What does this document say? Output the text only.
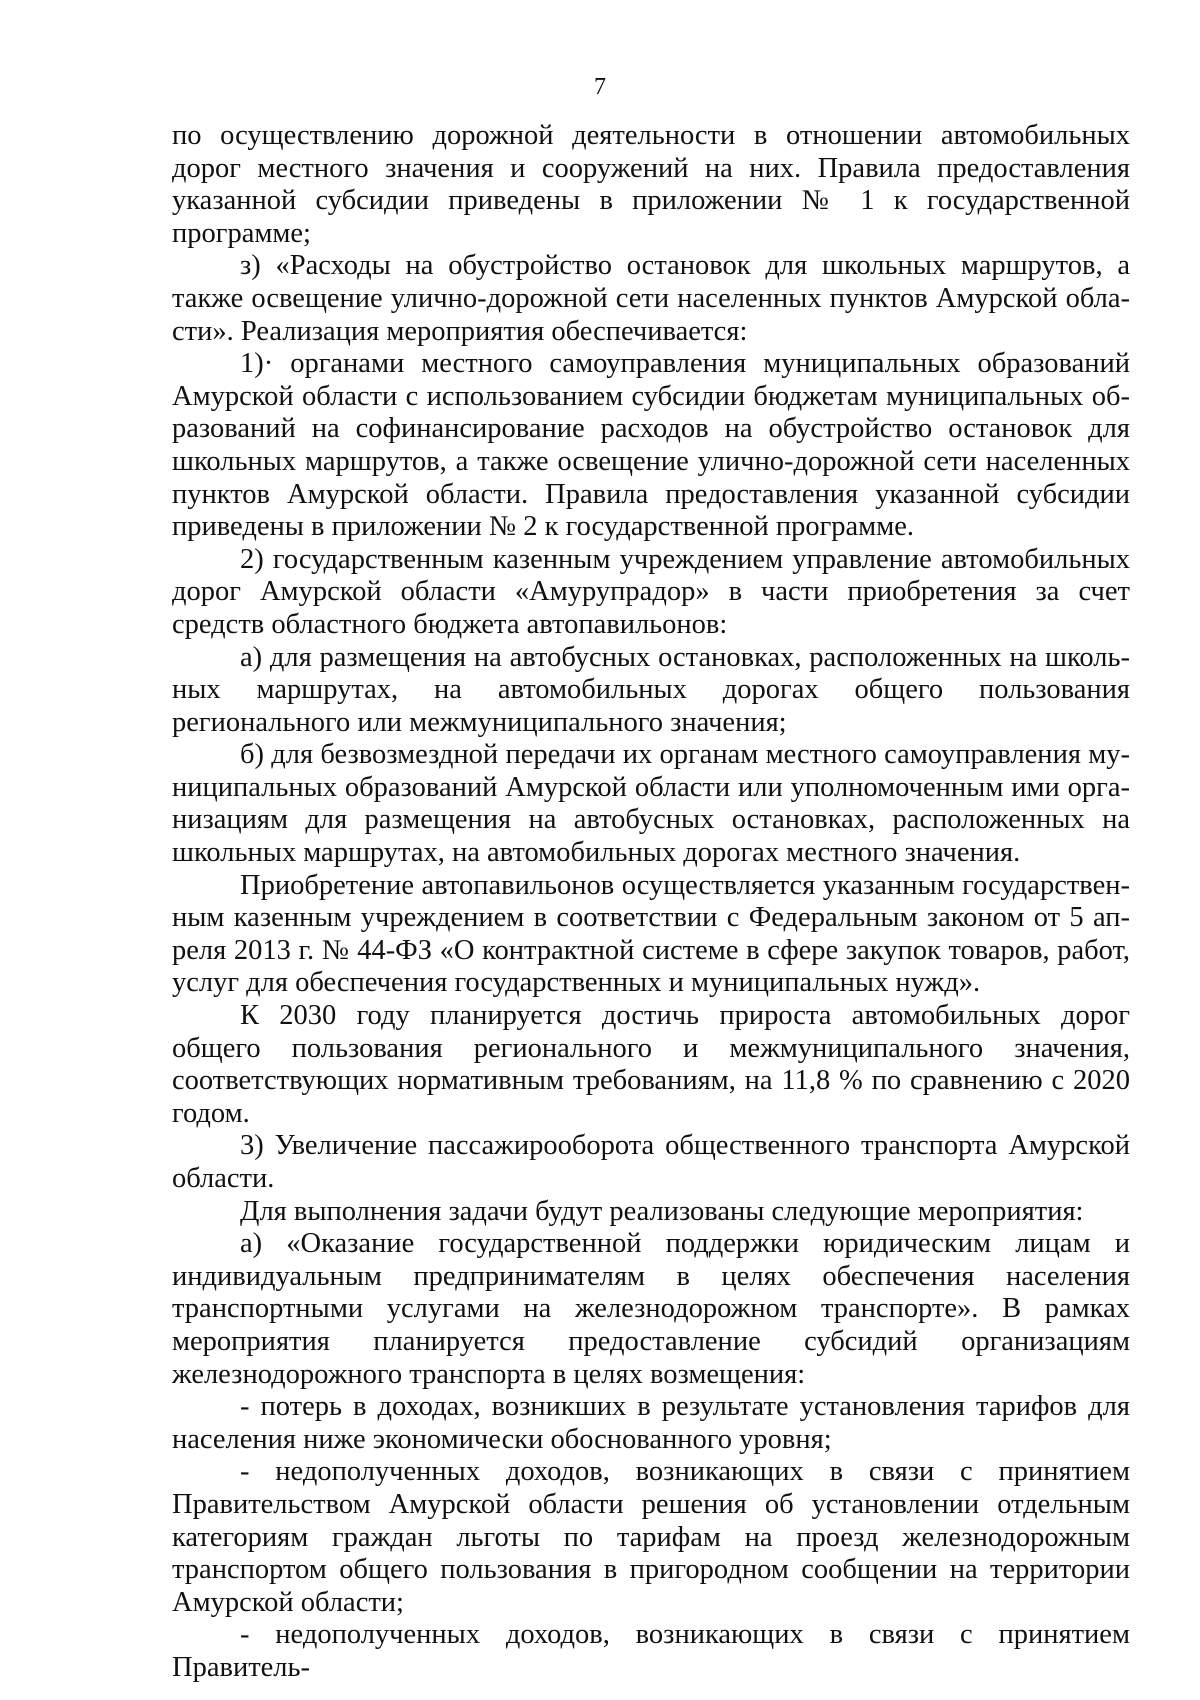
7

по осуществлению дорожной деятельности в отношении автомобильных дорог местного значения и сооружений на них. Правила предоставления указанной субсидии приведены в приложении № 1 к государственной программе;

з) «Расходы на обустройство остановок для школьных маршрутов, а также освещение улично-дорожной сети населенных пунктов Амурской области». Реализация мероприятия обеспечивается:

1)· органами местного самоуправления муниципальных образований Амурской области с использованием субсидии бюджетам муниципальных образований на софинансирование расходов на обустройство остановок для школьных маршрутов, а также освещение улично-дорожной сети населенных пунктов Амурской области. Правила предоставления указанной субсидии приведены в приложении № 2 к государственной программе.

2) государственным казенным учреждением управление автомобильных дорог Амурской области «Амурупрадор» в части приобретения за счет средств областного бюджета автопавильонов:

а) для размещения на автобусных остановках, расположенных на школьных маршрутах, на автомобильных дорогах общего пользования регионального или межмуниципального значения;

б) для безвозмездной передачи их органам местного самоуправления муниципальных образований Амурской области или уполномоченным ими организациям для размещения на автобусных остановках, расположенных на школьных маршрутах, на автомобильных дорогах местного значения.

Приобретение автопавильонов осуществляется указанным государственным казенным учреждением в соответствии с Федеральным законом от 5 апреля 2013 г. № 44-ФЗ «О контрактной системе в сфере закупок товаров, работ, услуг для обеспечения государственных и муниципальных нужд».

К 2030 году планируется достичь прироста автомобильных дорог общего пользования регионального и межмуниципального значения, соответствующих нормативным требованиям, на 11,8 % по сравнению с 2020 годом.

3) Увеличение пассажирооборота общественного транспорта Амурской области.

Для выполнения задачи будут реализованы следующие мероприятия:

а) «Оказание государственной поддержки юридическим лицам и индивидуальным предпринимателям в целях обеспечения населения транспортными услугами на железнодорожном транспорте». В рамках мероприятия планируется предоставление субсидий организациям железнодорожного транспорта в целях возмещения:

- потерь в доходах, возникших в результате установления тарифов для населения ниже экономически обоснованного уровня;

- недополученных доходов, возникающих в связи с принятием Правительством Амурской области решения об установлении отдельным категориям граждан льготы по тарифам на проезд железнодорожным транспортом общего пользования в пригородном сообщении на территории Амурской области;

- недополученных доходов, возникающих в связи с принятием Правитель-
